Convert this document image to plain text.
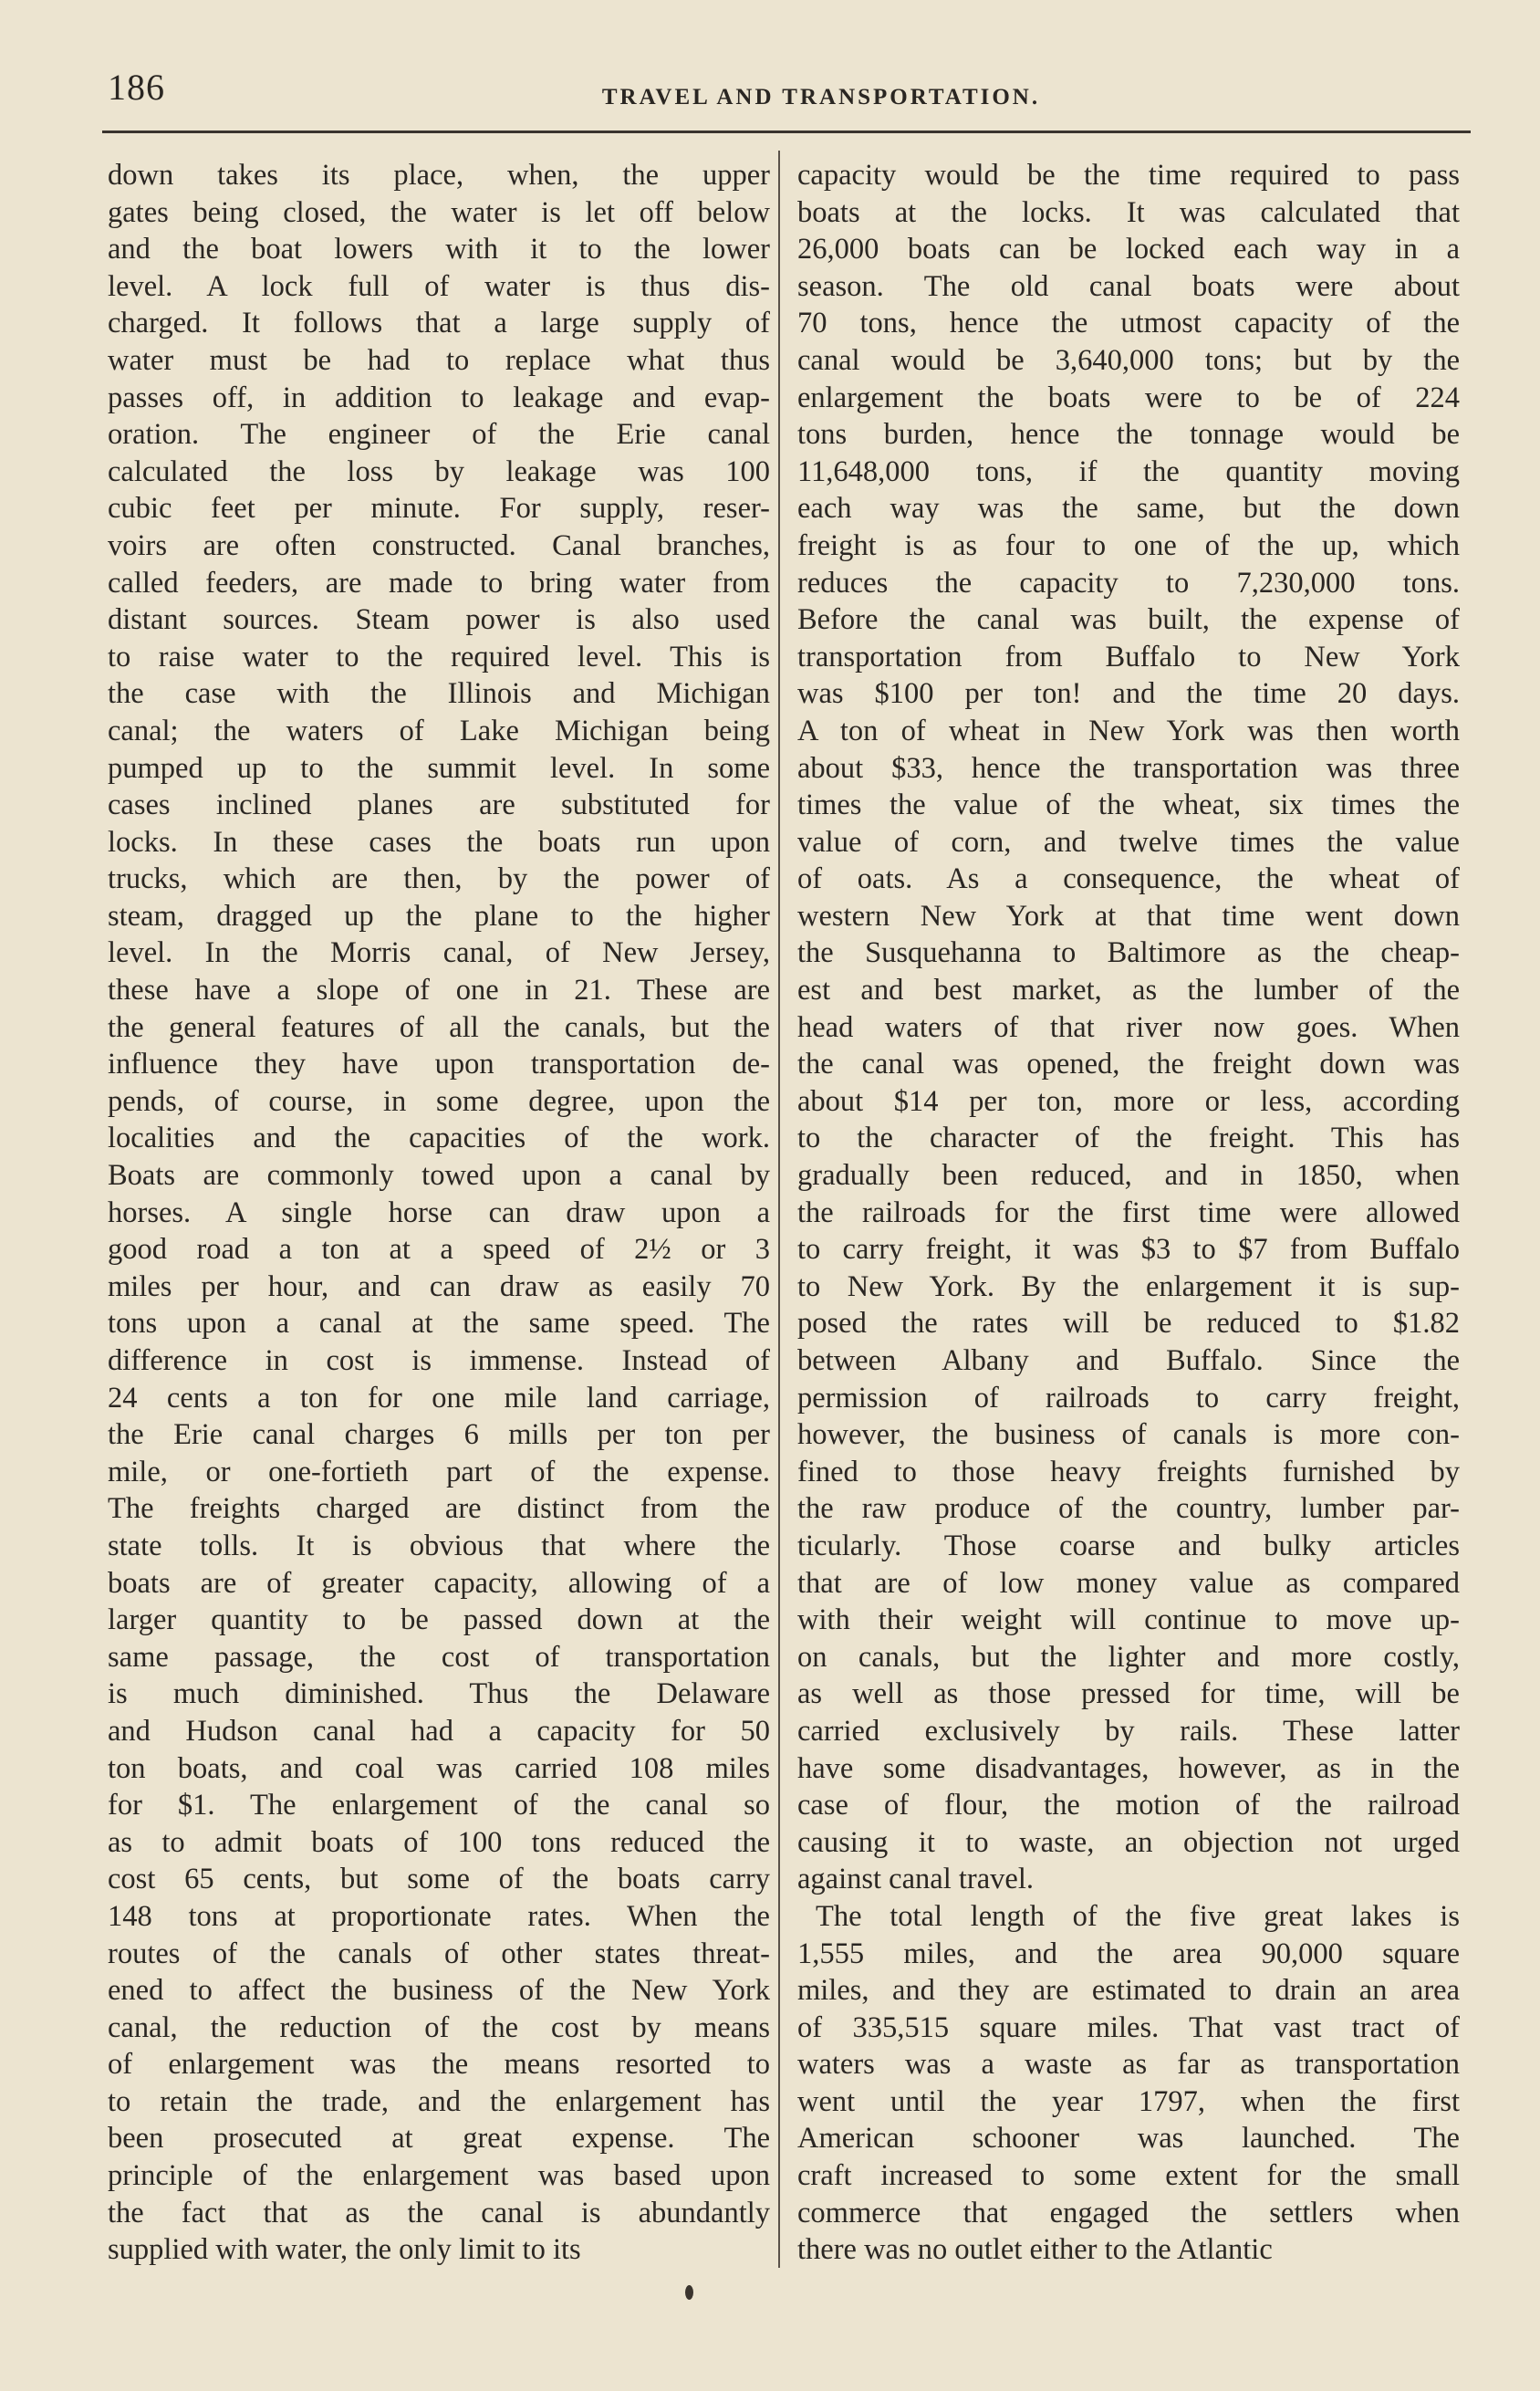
186	TRAVEL AND TRANSPORTATION.
down takes its place, when, the upper
gates being closed, the water is let off below
and the boat lowers with it to the lower
level. A lock full of water is thus dis-
charged. It follows that a large supply of
water must be had to replace what thus
passes off, in addition to leakage and evap-
oration. The engineer of the Erie canal
calculated the loss by leakage was 100
cubic feet per minute. For supply, reser-
voirs are often constructed. Canal branches,
called feeders, are made to bring water from
distant sources. Steam power is also used
to raise water to the required level. This is
the case with the Illinois and Michigan
canal; the waters of Lake Michigan being
pumped up to the summit level. In some
cases inclined planes are substituted for
locks. In these cases the boats run upon
trucks, which are then, by the power of
steam, dragged up the plane to the higher
level. In the Morris canal, of New Jersey,
these have a slope of one in 21. These are
the general features of all the canals, but the
influence they have upon transportation de-
pends, of course, in some degree, upon the
localities and the capacities of the work.
Boats are commonly towed upon a canal by
horses. A single horse can draw upon a
good road a ton at a speed of 2½ or 3
miles per hour, and can draw as easily 70
tons upon a canal at the same speed. The
difference in cost is immense. Instead of
24 cents a ton for one mile land carriage,
the Erie canal charges 6 mills per ton per
mile, or one-fortieth part of the expense.
The freights charged are distinct from the
state tolls. It is obvious that where the
boats are of greater capacity, allowing of a
larger quantity to be passed down at the
same passage, the cost of transportation
is much diminished. Thus the Delaware
and Hudson canal had a capacity for 50
ton boats, and coal was carried 108 miles
for $1. The enlargement of the canal so
as to admit boats of 100 tons reduced the
cost 65 cents, but some of the boats carry
148 tons at proportionate rates. When the
routes of the canals of other states threat-
ened to affect the business of the New York
canal, the reduction of the cost by means
of enlargement was the means resorted to
to retain the trade, and the enlargement has
been prosecuted at great expense. The
principle of the enlargement was based upon
the fact that as the canal is abundantly
supplied with water, the only limit to its
capacity would be the time required to pass
boats at the locks. It was calculated that
26,000 boats can be locked each way in a
season. The old canal boats were about
70 tons, hence the utmost capacity of the
canal would be 3,640,000 tons; but by the
enlargement the boats were to be of 224
tons burden, hence the tonnage would be
11,648,000 tons, if the quantity moving
each way was the same, but the down
freight is as four to one of the up, which
reduces the capacity to 7,230,000 tons.
Before the canal was built, the expense of
transportation from Buffalo to New York
was $100 per ton! and the time 20 days.
A ton of wheat in New York was then worth
about $33, hence the transportation was three
times the value of the wheat, six times the
value of corn, and twelve times the value
of oats. As a consequence, the wheat of
western New York at that time went down
the Susquehanna to Baltimore as the cheap-
est and best market, as the lumber of the
head waters of that river now goes. When
the canal was opened, the freight down was
about $14 per ton, more or less, according
to the character of the freight. This has
gradually been reduced, and in 1850, when
the railroads for the first time were allowed
to carry freight, it was $3 to $7 from Buffalo
to New York. By the enlargement it is sup-
posed the rates will be reduced to $1.82
between Albany and Buffalo. Since the
permission of railroads to carry freight,
however, the business of canals is more con-
fined to those heavy freights furnished by
the raw produce of the country, lumber par-
ticularly. Those coarse and bulky articles
that are of low money value as compared
with their weight will continue to move up-
on canals, but the lighter and more costly,
as well as those pressed for time, will be
carried exclusively by rails. These latter
have some disadvantages, however, as in the
case of flour, the motion of the railroad
causing it to waste, an objection not urged
against canal travel.
The total length of the five great lakes is
1,555 miles, and the area 90,000 square
miles, and they are estimated to drain an area
of 335,515 square miles. That vast tract of
waters was a waste as far as transportation
went until the year 1797, when the first
American schooner was launched. The
craft increased to some extent for the small
commerce that engaged the settlers when
there was no outlet either to the Atlantic
